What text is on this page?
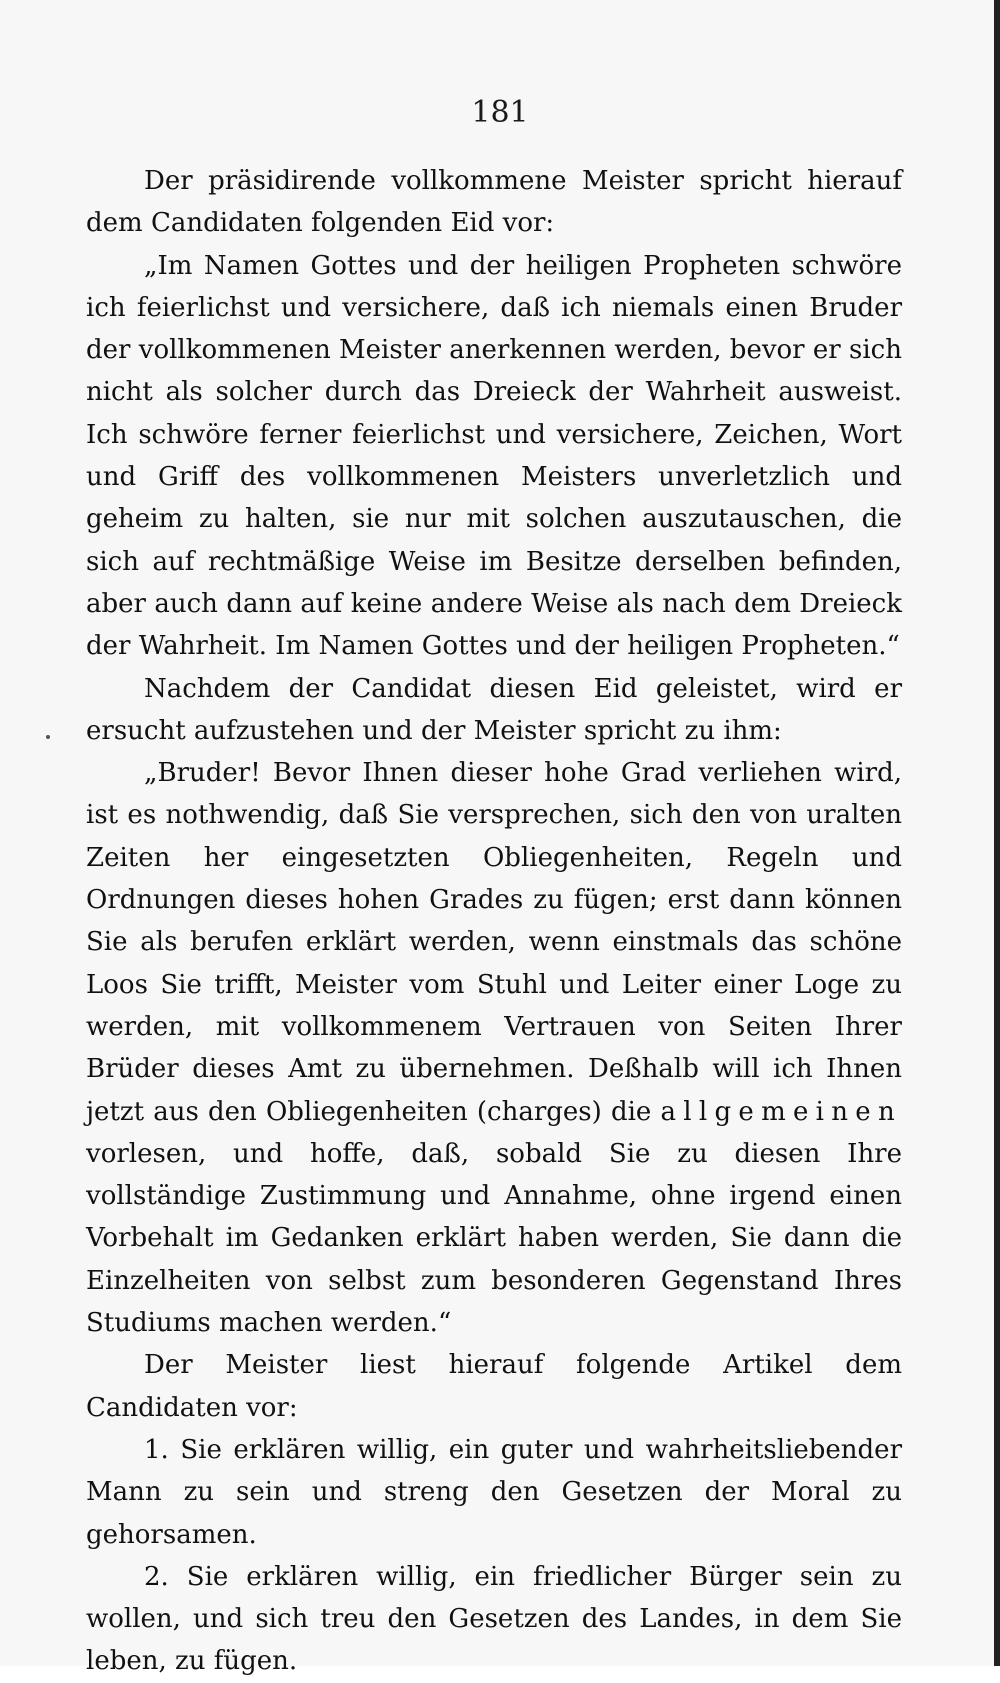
181

Der präsidirende vollkommene Meister spricht hierauf dem Candidaten folgenden Eid vor:

„Im Namen Gottes und der heiligen Propheten schwöre ich feierlichst und versichere, daß ich niemals einen Bruder der vollkommenen Meister anerkennen werden, bevor er sich nicht als solcher durch das Dreieck der Wahrheit ausweist. Ich schwöre ferner feierlichst und versichere, Zeichen, Wort und Griff des vollkommenen Meisters unverletzlich und geheim zu halten, sie nur mit solchen auszutauschen, die sich auf rechtmäßige Weise im Besitze derselben befinden, aber auch dann auf keine andere Weise als nach dem Dreieck der Wahrheit. Im Namen Gottes und der heiligen Propheten.“

Nachdem der Candidat diesen Eid geleistet, wird er ersucht aufzustehen und der Meister spricht zu ihm:

„Bruder! Bevor Ihnen dieser hohe Grad verliehen wird, ist es nothwendig, daß Sie versprechen, sich den von uralten Zeiten her eingesetzten Obliegenheiten, Regeln und Ordnungen dieses hohen Grades zu fügen; erst dann können Sie als berufen erklärt werden, wenn einstmals das schöne Loos Sie trifft, Meister vom Stuhl und Leiter einer Loge zu werden, mit vollkommenem Vertrauen von Seiten Ihrer Brüder dieses Amt zu übernehmen. Deßhalb will ich Ihnen jetzt aus den Obliegenheiten (charges) die allgemeinen vorlesen, und hoffe, daß, sobald Sie zu diesen Ihre vollständige Zustimmung und Annahme, ohne irgend einen Vorbehalt im Gedanken erklärt haben werden, Sie dann die Einzelheiten von selbst zum besonderen Gegenstand Ihres Studiums machen werden.“

Der Meister liest hierauf folgende Artikel dem Candidaten vor:

1. Sie erklären willig, ein guter und wahrheitsliebender Mann zu sein und streng den Gesetzen der Moral zu gehorsamen.

2. Sie erklären willig, ein friedlicher Bürger sein zu wollen, und sich treu den Gesetzen des Landes, in dem Sie leben, zu fügen.
